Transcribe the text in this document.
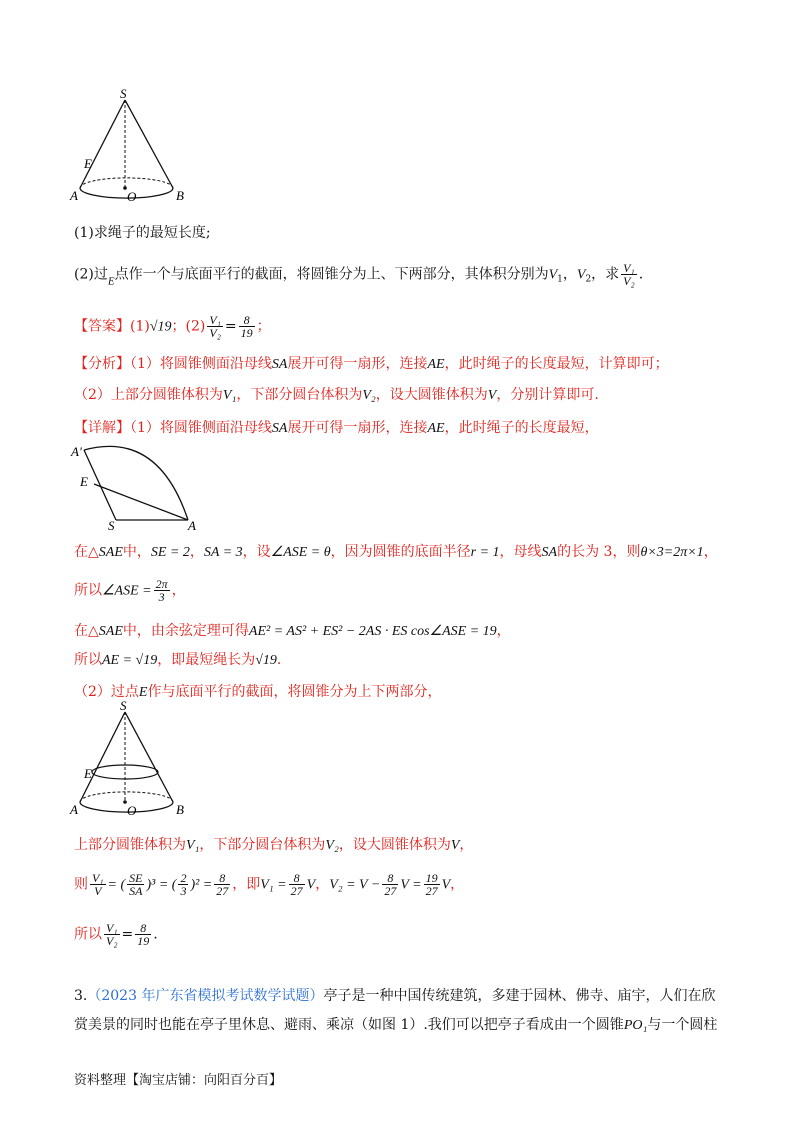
S
E
A	O	B
(1)求绳子的最短长度;
(2)过$_E$点作一个与底面平行的截面，将圆锥分为上、下两部分，其体积分别为$V_1$，$V_2$，求 $\frac{\text{V₁}}{\text{V₂}}$ .
【答案】(1)√19；$(2) \frac{\text{V₁}}{\text{V₂}} = \frac{8}{19}$ ；
【分析】（1）将圆锥侧面沿母线SA展开可得一扇形，连接AE，此时绳子的长度最短，计算即可；
（2）上部分圆锥体积为V₁，下部分圆台体积为V₂，设大圆锥体积为V，分别计算即可.
【详解】（1）将圆锥侧面沿母线SA展开可得一扇形，连接AE，此时绳子的长度最短，
A'
E
S	A
在△SAE中，SE = 2，SA = 3，设∠ASE = θ，因为圆锥的底面半径r = 1，母线SA的长为 3，则θ×3=2π×1，
所以∠ASE = $\frac{2\pi}{3}$ ，
在△SAE中，由余弦定理可得AE² = AS² + ES² − 2AS · ES cos∠ASE = 19，
所以AE = √19，即最短绳长为√19.
（2）过点E作与底面平行的截面，将圆锥分为上下两部分，
S
E
A	O	B
上部分圆锥体积为V₁，下部分圆台体积为V₂，设大圆锥体积为V，
则 $\frac{\text{V₁}}{V}$ = ( $\frac{SE}{SA} )^3$ = ( $\frac{2}{3} )^2 = \frac{8}{27}$ ，即$V_1 = \frac{8}{27}$ V，$V_2 = V - \frac{8}{27}$ $V = \frac{19}{27}$ V，
所以 $\frac{\text{V₁}}{\text{V₂}} = \frac{8}{19}$ .
3.（2023 年广东省模拟考试数学试题）亭子是一种中国传统建筑，多建于园林、佛寺、庙宇，人们在欣
赏美景的同时也能在亭子里休息、避雨、乘凉（如图 1）.我们可以把亭子看成由一个圆锥PO₁与一个圆柱
资料整理【淘宝店铺：向阳百分百】
